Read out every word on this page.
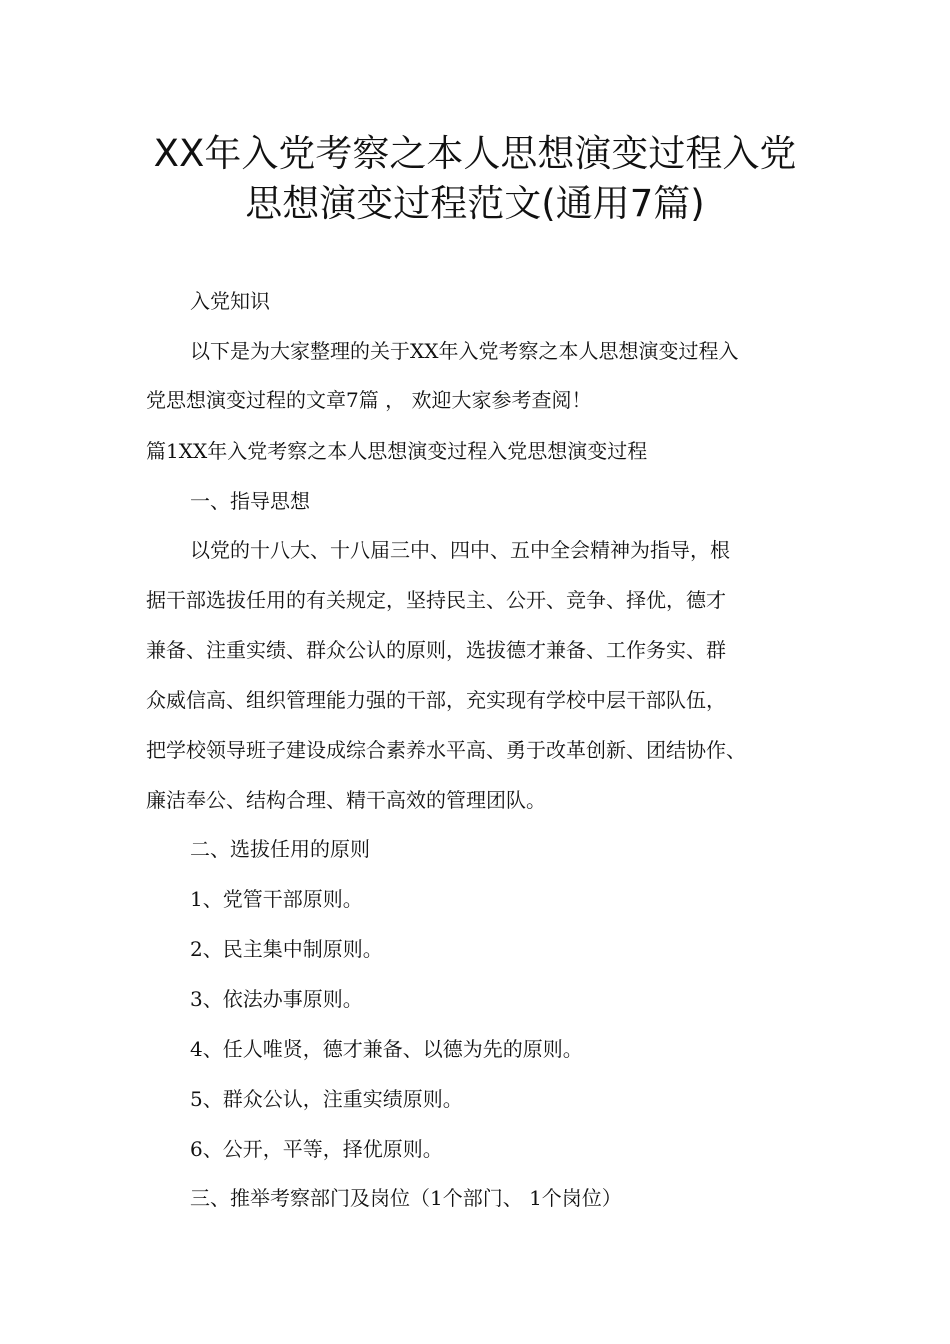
XX年入党考察之本人思想演变过程入党
思想演变过程范文(通用7篇)

入党知识

以下是为大家整理的关于XX年入党考察之本人思想演变过程入

党思想演变过程的文章7篇 ， 欢迎大家参考查阅！

篇1XX年入党考察之本人思想演变过程入党思想演变过程

一、指导思想

以党的十八大、十八届三中、四中、五中全会精神为指导，根

据干部选拔任用的有关规定，坚持民主、公开、竞争、择优，德才

兼备、注重实绩、群众公认的原则，选拔德才兼备、工作务实、群

众威信高、组织管理能力强的干部，充实现有学校中层干部队伍，

把学校领导班子建设成综合素养水平高、勇于改革创新、团结协作、

廉洁奉公、结构合理、精干高效的管理团队。

二、选拔任用的原则

1、党管干部原则。

2、民主集中制原则。

3、依法办事原则。

4、任人唯贤，德才兼备、以德为先的原则。

5、群众公认，注重实绩原则。

6、公开，平等，择优原则。

三、推举考察部门及岗位（1个部门、 1个岗位）
